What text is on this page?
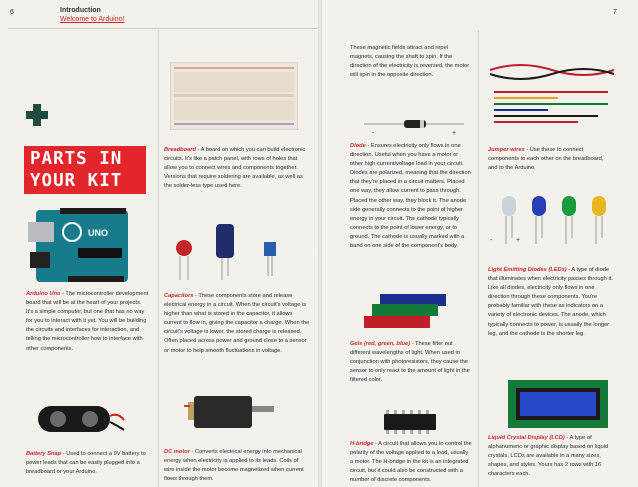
6	7
Introduction
Welcome to Arduino!
PARTS IN
YOUR KIT
UNO
Arduino Uno - The microcontroller development board that will be at the heart of your projects. It's a simple computer, but one that has no way for you to interact with it yet. You will be building the circuits and interfaces for interaction, and telling the microcontroller how to interface with other components.
Battery Snap - Used to connect a 9V battery to power leads that can be easily plugged into a breadboard or your Arduino.
Breadboard - A board on which you can build electronic circuits. It's like a patch panel, with rows of holes that allow you to connect wires and components together. Versions that require soldering are available, as well as the solder-less type used here.
Capacitors - These components store and release electrical energy in a circuit. When the circuit's voltage is higher than what is stored in the capacitor, it allows current to flow in, giving the capacitor a charge. When the circuit's voltage is lower, the stored charge is released. Often placed across power and ground close to a sensor or motor to help smooth fluctuations in voltage.
DC motor - Converts electrical energy into mechanical energy when electricity is applied to its leads. Coils of wire inside the motor become magnetized when current flows through them.
These magnetic fields attract and repel magnets, causing the shaft to spin. If the direction of the electricity is reversed, the motor will spin in the opposite direction.
-	+
Diode - Ensures electricity only flows in one direction. Useful when you have a motor or other high current/voltage load in your circuit. Diodes are polarized, meaning that the direction that they're placed in a circuit matters. Placed one way, they allow current to pass through. Placed the other way, they block it. The anode side generally connects to the point of higher energy in your circuit. The cathode typically connects to the point of lower energy, or to ground. The cathode is usually marked with a band on one side of the component's body.
Gels (red, green, blue) - These filter out different wavelengths of light. When used in conjunction with photoresistors, they cause the sensor to only react to the amount of light in the filtered color.
H-bridge - A circuit that allows you to control the polarity of the voltage applied to a load, usually a motor. The H-bridge in the kit is an integrated circuit, but it could also be constructed with a number of discrete components.
Jumper wires - Use these to connect components to each other on the breadboard, and to the Arduino.
-	+
Light Emitting Diodes (LEDs) - A type of diode that illuminates when electricity passes through it. Like all diodes, electricity only flows in one direction through these components. You're probably familiar with these as indicators on a variety of electronic devices. The anode, which typically connects to power, is usually the longer leg, and the cathode is the shorter leg.
Liquid Crystal Display (LCD) - A type of alphanumeric or graphic display based on liquid crystals. LCDs are available in a many sizes, shapes, and styles. Yours has 2 rows with 16 characters each.
